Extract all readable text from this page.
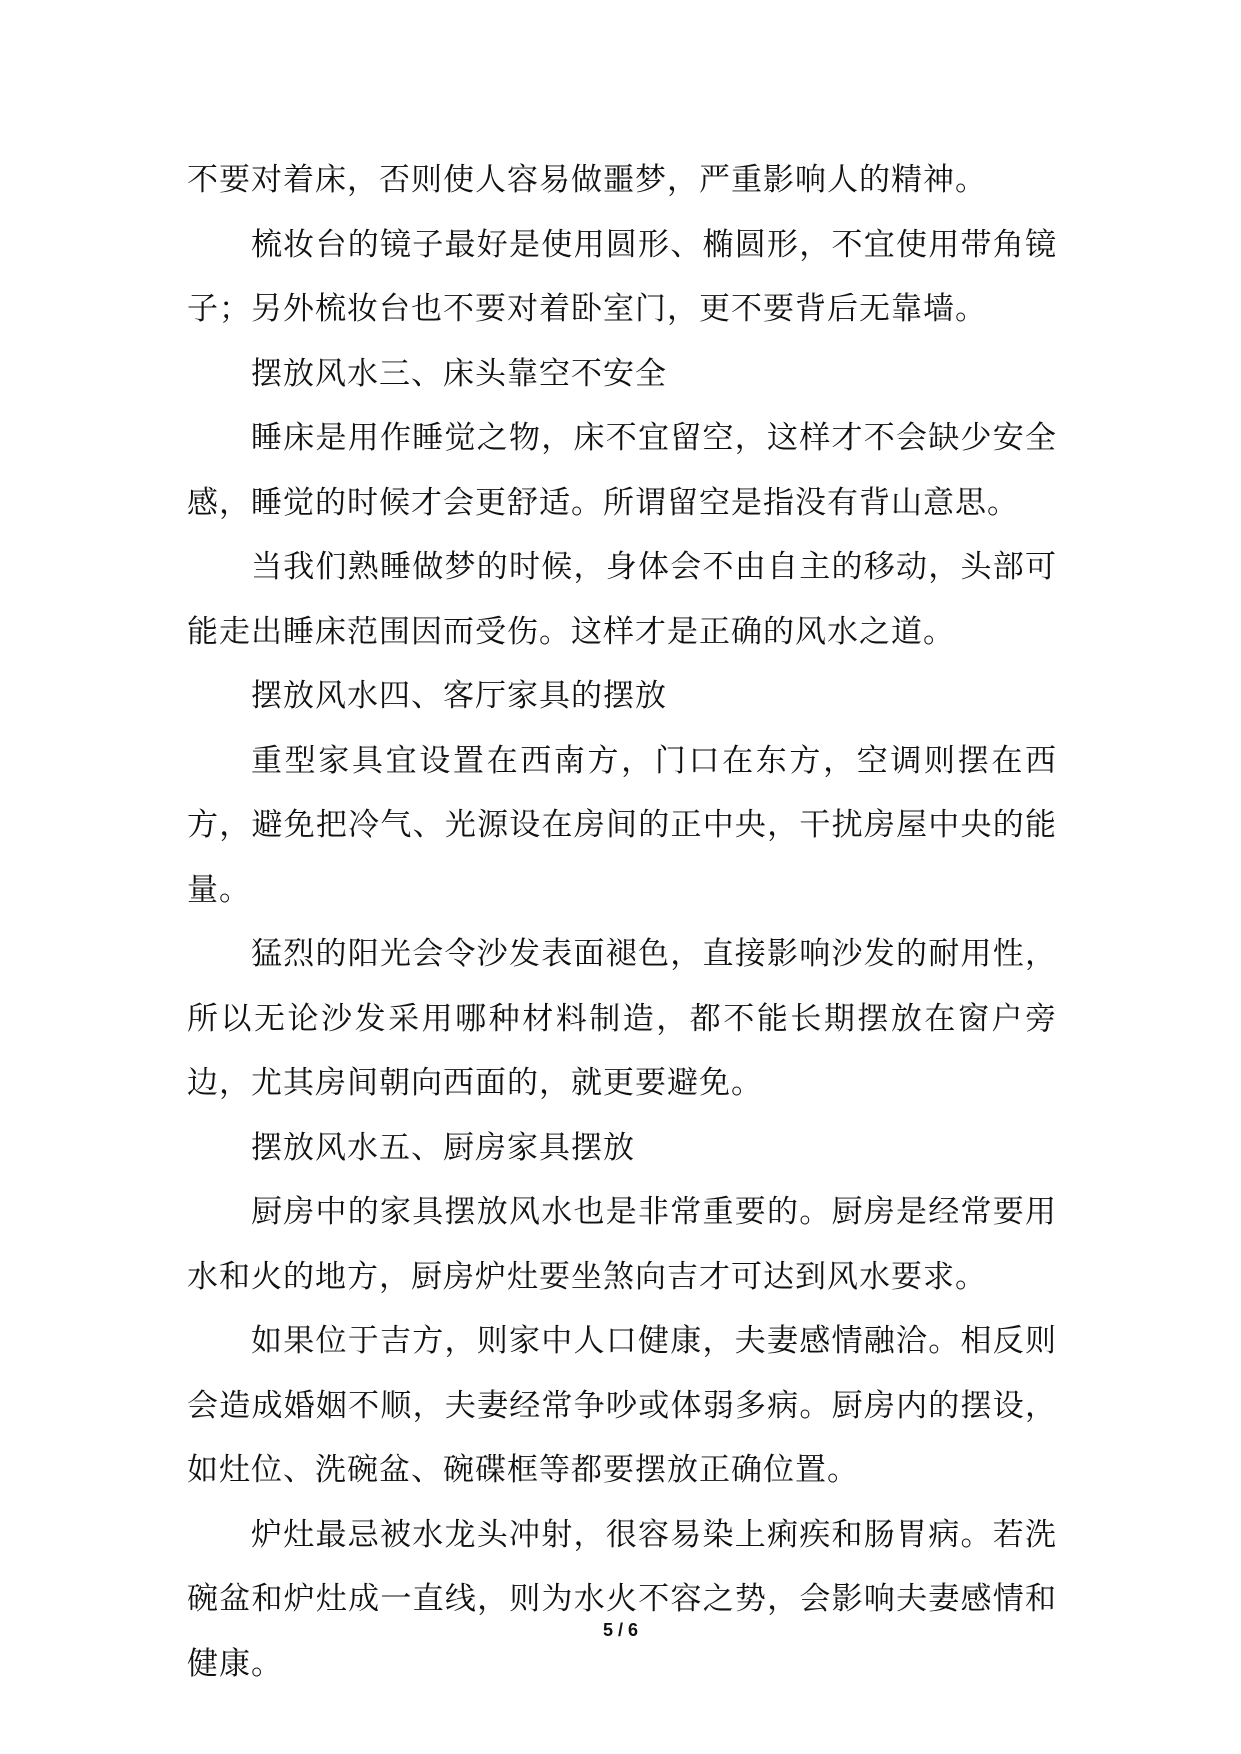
不要对着床，否则使人容易做噩梦，严重影响人的精神。

梳妆台的镜子最好是使用圆形、椭圆形，不宜使用带角镜子；另外梳妆台也不要对着卧室门，更不要背后无靠墙。

摆放风水三、床头靠空不安全

睡床是用作睡觉之物，床不宜留空，这样才不会缺少安全感，睡觉的时候才会更舒适。所谓留空是指没有背山意思。

当我们熟睡做梦的时候，身体会不由自主的移动，头部可能走出睡床范围因而受伤。这样才是正确的风水之道。

摆放风水四、客厅家具的摆放

重型家具宜设置在西南方，门口在东方，空调则摆在西方，避免把冷气、光源设在房间的正中央，干扰房屋中央的能量。

猛烈的阳光会令沙发表面褪色，直接影响沙发的耐用性，所以无论沙发采用哪种材料制造，都不能长期摆放在窗户旁边，尤其房间朝向西面的，就更要避免。

摆放风水五、厨房家具摆放

厨房中的家具摆放风水也是非常重要的。厨房是经常要用水和火的地方，厨房炉灶要坐煞向吉才可达到风水要求。

如果位于吉方，则家中人口健康，夫妻感情融洽。相反则会造成婚姻不顺，夫妻经常争吵或体弱多病。厨房内的摆设，如灶位、洗碗盆、碗碟框等都要摆放正确位置。

炉灶最忌被水龙头冲射，很容易染上痢疾和肠胃病。若洗碗盆和炉灶成一直线，则为水火不容之势，会影响夫妻感情和健康。

5 / 6
